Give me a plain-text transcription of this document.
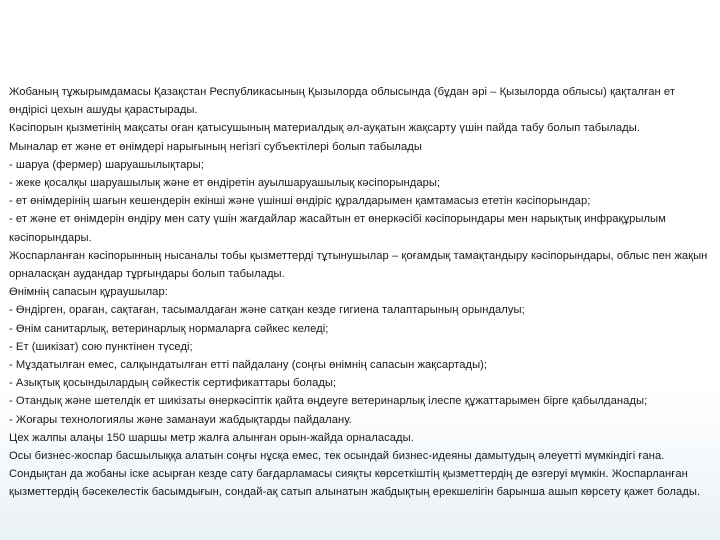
Жобаның тұжырымдамасы Қазақстан Республикасының Қызылорда облысында (бұдан әрі – Қызылорда облысы) қақталған ет өндірісі цехын ашуды қарастырады.

Кәсіпорын қызметінің мақсаты оған қатысушының материалдық әл-ауқатын жақсарту үшін пайда табу болып табылады.

Мыналар ет және ет өнімдері нарығының негізгі субъектілері болып табылады

- шаруа (фермер) шаруашылықтары;

- жеке қосалқы шаруашылық және ет өндіретін ауылшаруашылық кәсіпорындары;

- ет өнімдерінің шағын кешендерін екінші және үшінші өндіріс құралдарымен қамтамасыз ететін кәсіпорындар;

- ет және ет өнімдерін өндіру мен сату үшін жағдайлар жасайтын ет өнеркәсібі кәсіпорындары мен нарықтық инфрақұрылым кәсіпорындары.

Жоспарланған кәсіпорынның нысаналы тобы қызметтерді тұтынушылар – қоғамдық тамақтандыру кәсіпорындары, облыс пен жақын орналасқан аудандар тұрғындары болып табылады.

Өнімнің сапасын құраушылар:

- Өндірген, ораған, сақтаған, тасымалдаған және сатқан кезде гигиена талаптарының орындалуы;

- Өнім санитарлық, ветеринарлық нормаларға сәйкес келеді;

- Ет (шикізат) сою пунктінен түседі;

- Мұздатылған емес, салқындатылған етті пайдалану (соңғы өнімнің сапасын жақсартады);

- Азықтық қосындылардың сәйкестік сертификаттары болады;

- Отандық және шетелдік ет шикізаты өнеркәсіптік қайта өңдеуге ветеринарлық ілеспе құжаттарымен бірге қабылданады;

- Жоғары технологиялы және заманауи жабдықтарды пайдалану.

Цех жалпы алаңы 150 шаршы метр жалға алынған орын-жайда орналасады.

Осы бизнес-жоспар басшылыққа алатын соңғы нұсқа емес, тек осындай бизнес-идеяны дамытудың әлеуетті мүмкіндігі ғана. Сондықтан да жобаны іске асырған кезде сату бағдарламасы сияқты көрсеткіштің қызметтердің де өзгеруі мүмкін. Жоспарланған қызметтердің бәсекелестік басымдығын, сондай-ақ сатып алынатын жабдықтың ерекшелігін барынша ашып көрсету қажет болады.
